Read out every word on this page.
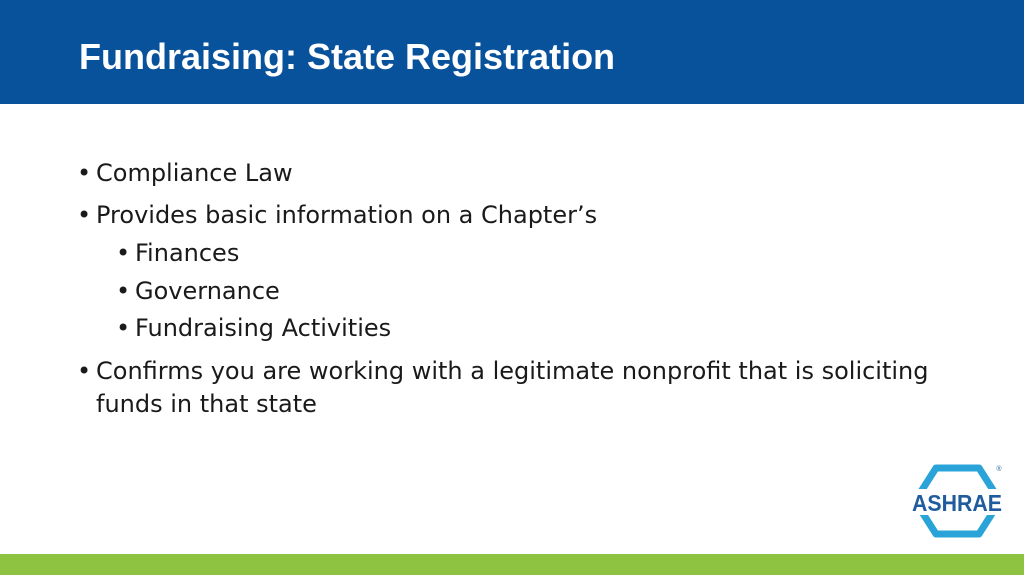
Fundraising: State Registration
• Compliance Law
• Provides basic information on a Chapter’s
• Finances
• Governance
• Fundraising Activities
• Confirms you are working with a legitimate nonprofit that is soliciting funds in that state
ASHRAE
®
